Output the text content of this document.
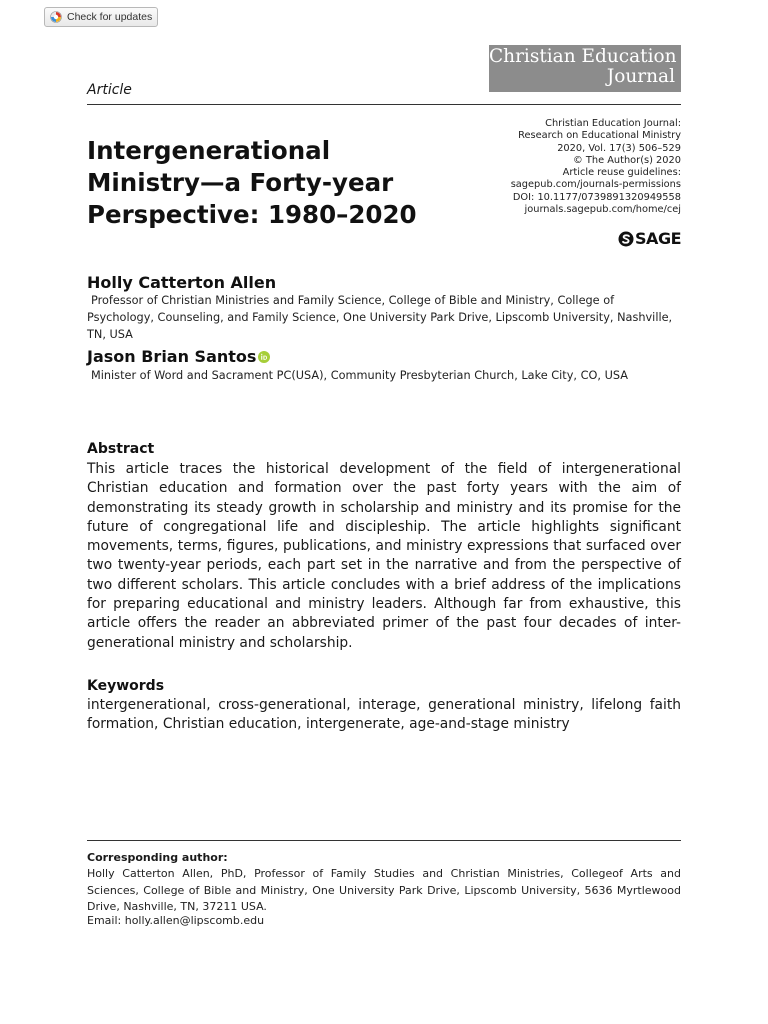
Check for updates
Christian Education
Journal
Article
Intergenerational
Ministry—a Forty-year
Perspective: 1980–2020
Christian Education Journal:
Research on Educational Ministry
2020, Vol. 17(3) 506–529
© The Author(s) 2020
Article reuse guidelines:
sagepub.com/journals-permissions
DOI: 10.1177/0739891320949558
journals.sagepub.com/home/cej
SAGE
Holly Catterton Allen
Professor of Christian Ministries and Family Science, College of Bible and Ministry, College of Psychology, Counseling, and Family Science, One University Park Drive, Lipscomb University, Nashville, TN, USA
Jason Brian Santos
Minister of Word and Sacrament PC(USA), Community Presbyterian Church, Lake City, CO, USA
Abstract
This article traces the historical development of the field of intergenerational Christian education and formation over the past forty years with the aim of demonstrating its steady growth in scholarship and ministry and its promise for the future of congregational life and discipleship. The article highlights significant movements, terms, figures, publications, and ministry expressions that surfaced over two twenty-year periods, each part set in the narrative and from the perspective of two different scholars. This article concludes with a brief address of the implications for preparing educational and ministry leaders. Although far from exhaustive, this article offers the reader an abbreviated primer of the past four decades of inter-generational ministry and scholarship.
Keywords
intergenerational, cross-generational, interage, generational ministry, lifelong faith formation, Christian education, intergenerate, age-and-stage ministry
Corresponding author:
Holly Catterton Allen, PhD, Professor of Family Studies and Christian Ministries, Collegeof Arts and Sciences, College of Bible and Ministry, One University Park Drive, Lipscomb University, 5636 Myrtlewood Drive, Nashville, TN, 37211 USA.
Email: holly.allen@lipscomb.edu
